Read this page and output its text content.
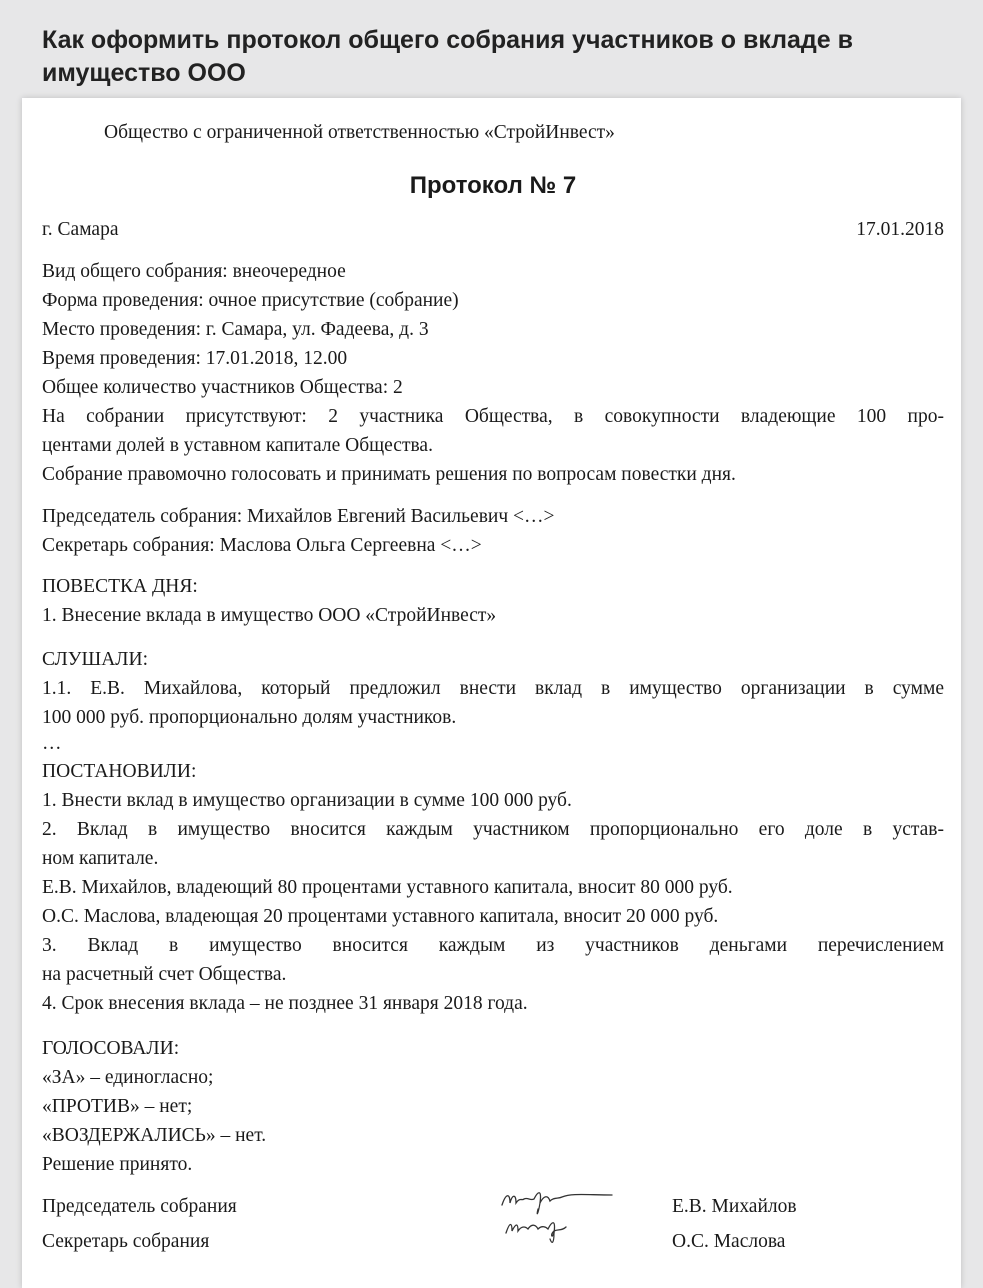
Как оформить протокол общего собрания участников о вкладе в имущество ООО
Общество с ограниченной ответственностью «СтройИнвест»
Протокол № 7
г. Самара	17.01.2018
Вид общего собрания: внеочередное
Форма проведения: очное присутствие (собрание)
Место проведения: г. Самара, ул. Фадеева, д. 3
Время проведения: 17.01.2018, 12.00
Общее количество участников Общества: 2
На собрании присутствуют: 2 участника Общества, в совокупности владеющие 100 про-
центами долей в уставном капитале Общества.
Собрание правомочно голосовать и принимать решения по вопросам повестки дня.
Председатель собрания: Михайлов Евгений Васильевич <…>
Секретарь собрания: Маслова Ольга Сергеевна <…>
ПОВЕСТКА ДНЯ:
1. Внесение вклада в имущество ООО «СтройИнвест»
СЛУШАЛИ:
1.1. Е.В. Михайлова, который предложил внести вклад в имущество организации в сумме
100 000 руб. пропорционально долям участников.
…
ПОСТАНОВИЛИ:
1. Внести вклад в имущество организации в сумме 100 000 руб.
2. Вклад в имущество вносится каждым участником пропорционально его доле в устав-
ном капитале.
Е.В. Михайлов, владеющий 80 процентами уставного капитала, вносит 80 000 руб.
О.С. Маслова, владеющая 20 процентами уставного капитала, вносит 20 000 руб.
3. Вклад в имущество вносится каждым из участников деньгами перечислением
на расчетный счет Общества.
4. Срок внесения вклада – не позднее 31 января 2018 года.
ГОЛОСОВАЛИ:
«ЗА» – единогласно;
«ПРОТИВ» – нет;
«ВОЗДЕРЖАЛИСЬ» – нет.
Решение принято.
Председатель собрания	Е.В. Михайлов
Секретарь собрания	О.С. Маслова
